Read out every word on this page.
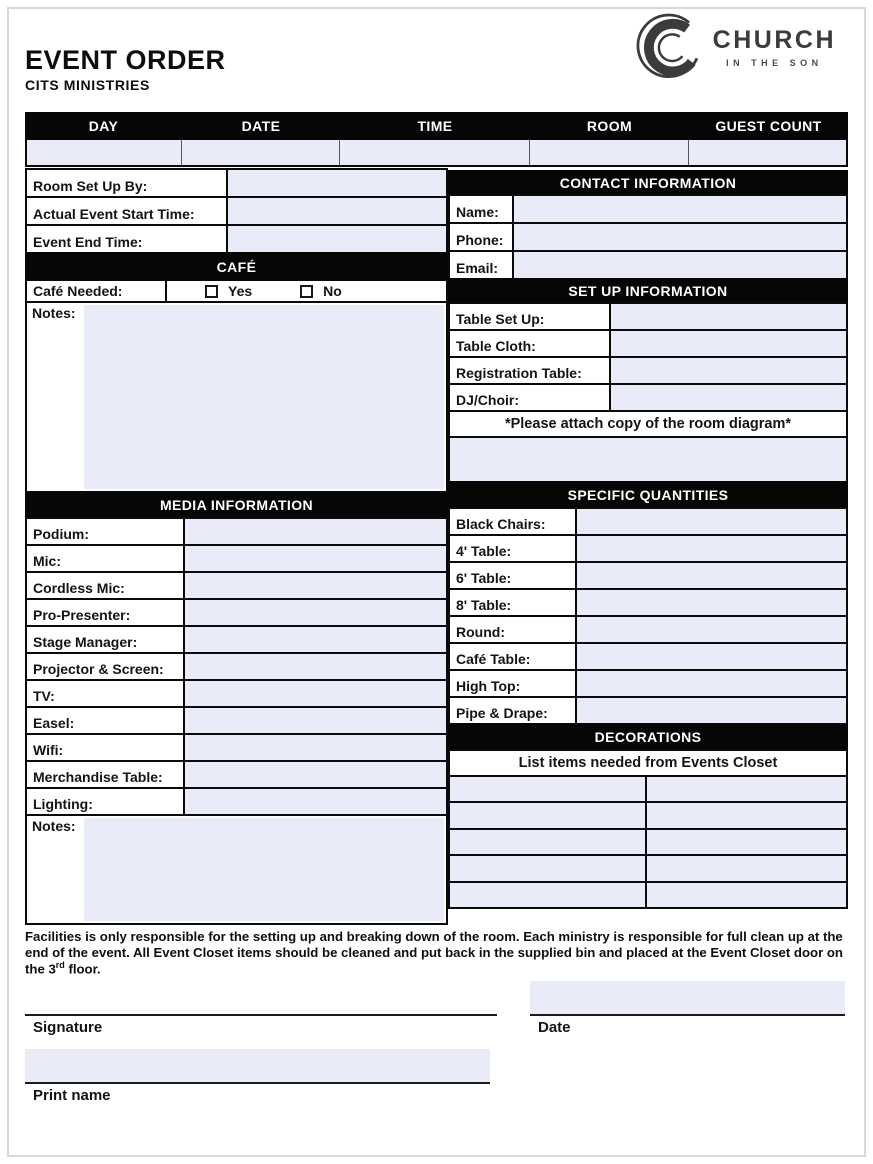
EVENT ORDER
CITS MINISTRIES
CHURCH
IN THE SON
DAY	DATE	TIME	ROOM	GUEST COUNT
Room Set Up By:
Actual Event Start Time:
Event End Time:
CAFÉ
Café Needed:	Yes	No
Notes:
MEDIA INFORMATION
Podium:
Mic:
Cordless Mic:
Pro-Presenter:
Stage Manager:
Projector & Screen:
TV:
Easel:
Wifi:
Merchandise Table:
Lighting:
Notes:
CONTACT INFORMATION
Name:
Phone:
Email:
SET UP INFORMATION
Table Set Up:
Table Cloth:
Registration Table:
DJ/Choir:
*Please attach copy of the room diagram*
SPECIFIC QUANTITIES
Black Chairs:
4' Table:
6' Table:
8' Table:
Round:
Café Table:
High Top:
Pipe & Drape:
DECORATIONS
List items needed from Events Closet
Facilities is only responsible for the setting up and breaking down of the room. Each ministry is responsible for full clean up at the end of the event. All Event Closet items should be cleaned and put back in the supplied bin and placed at the Event Closet door on the 3rd floor.
Signature	Date
Print name
